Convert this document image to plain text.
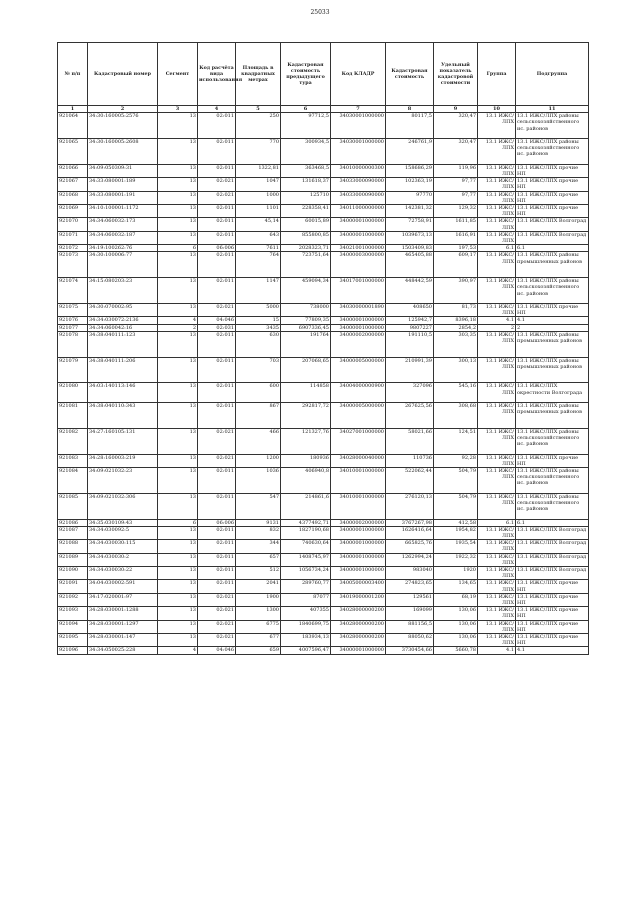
25033
№ п/п	Кадастровый номер	Сегмент	Код расчёта вида использования	Площадь в квадратных метрах	Кадастровая стоимость предыдущего тура	Код КЛАДР	Кадастровая стоимость	Удельный показатель кадастровой стоимости	Группа	Подгруппа
1	2	3	4	5	6	7	8	9	10	11
921064	34:30:160005:2576	13	02:011	250	97712,5	34030001000000	80117,5	320,47	13.1 ИЖС/ЛПХ	13.1 ИЖС/ЛПХ районы сельскохозяйственного ис. районов
921065	34:30:160005:2608	13	02:011	770	300934,5	34030001000000	246761,9	320,47	13.1 ИЖС/ЛПХ	13.1 ИЖС/ЛПХ районы сельскохозяйственного ис. районов
921066	34:09:050309:31	13	02:011	1322,81	363468,5	34010000000300	158686,29	119,96	13.1 ИЖС/ЛПХ	13.1 ИЖС/ЛПХ прочие НП
921067	34:33:080001:189	13	02:021	1047	131618,37	34033000090000	102363,19	97,77	13.1 ИЖС/ЛПХ	13.1 ИЖС/ЛПХ прочие НП
921068	34:33:080001:191	13	02:021	1000	125710	34033000090000	97770	97,77	13.1 ИЖС/ЛПХ	13.1 ИЖС/ЛПХ прочие НП
921069	34:10:100001:1172	13	02:011	1101	228358,41	34011000000000	142381,32	129,32	13.1 ИЖС/ЛПХ	13.1 ИЖС/ЛПХ прочие НП
921070	34:34:060032:173	13	02:011	45,14	60015,89	34000001000000	72758,91	1611,85	13.1 ИЖС/ЛПХ	13.1 ИЖС/ЛПХ Волгоград
921071	34:34:060032:187	13	02:011	643	855800,85	34000001000000	1039673,13	1616,91	13.1 ИЖС/ЛПХ	13.1 ИЖС/ЛПХ Волгоград
921072	34:19:100262:76	6	06:006	7611	2028323,71	34021001000000	1503409,83	197,53	6.1	6.1
921073	34:30:100006:77	13	02:011	764	723751,64	34000003000000	465405,88	609,17	13.1 ИЖС/ЛПХ	13.1 ИЖС/ЛПХ районы промышленных районов
921074	34:15:080203:23	13	02:011	1147	459094,34	34017001000000	448442,59	390,97	13.1 ИЖС/ЛПХ	13.1 ИЖС/ЛПХ районы сельскохозяйственного ис. районов
921075	34:30:070002:95	13	02:021	5000	738000	34030000001890	408650	81,73	13.1 ИЖС/ЛПХ	13.1 ИЖС/ЛПХ прочие НП
921076	34:34:030072:2136	4	04:046	15	77809,35	34000001000000	125942,7	8396,18	4.1	4.1
921077	34:34:060042:16	2	02:031	3435	6907336,45	34000001000000	9807227	2854,2	2	2
921078	34:38:040111:123	13	02:011	630	191764	34000002000000	191110,5	303,35	13.1 ИЖС/ЛПХ	13.1 ИЖС/ЛПХ районы промышленных районов
921079	34:38:040111:206	13	02:011	703	207068,65	34000005000000	210991,39	300,13	13.1 ИЖС/ЛПХ	13.1 ИЖС/ЛПХ районы промышленных районов
921080	34:03:140113:146	13	02:011	600	114858	34004000000900	327096	545,16	13.1 ИЖС/ЛПХ	13.1 ИЖС/ЛПХ окрестности Волгограда
921081	34:38:040110:343	13	02:011	867	292817,72	34000005000000	267625,56	308,68	13.1 ИЖС/ЛПХ	13.1 ИЖС/ЛПХ районы промышленных районов
921082	34:27:160105:131	13	02:021	466	121327,76	34027001000000	58021,66	124,51	13.1 ИЖС/ЛПХ	13.1 ИЖС/ЛПХ районы сельскохозяйственного ис. районов
921083	34:28:160003:219	13	02:021	1200	180936	34028000040000	110736	92,28	13.1 ИЖС/ЛПХ	13.1 ИЖС/ЛПХ прочие НП
921084	34:09:021032:23	13	02:011	1036	406940,8	34010001000000	522062,44	504,79	13.1 ИЖС/ЛПХ	13.1 ИЖС/ЛПХ районы сельскохозяйственного ис. районов
921085	34:09:021032:306	13	02:011	547	214861,6	34010001000000	276120,13	504,79	13.1 ИЖС/ЛПХ	13.1 ИЖС/ЛПХ районы сельскохозяйственного ис. районов
921086	34:35:030109:43	6	06:006	9131	4377492,71	34000002000000	3767267,98	412,58	6.1	6.1
921087	34:34:030092:5	13	02:011	832	1827190,68	34000001000000	1626416,64	1954,82	13.1 ИЖС/ЛПХ	13.1 ИЖС/ЛПХ Волгоград
921088	34:34:030030:115	13	02:011	344	740630,64	34000001000000	665825,76	1935,54	13.1 ИЖС/ЛПХ	13.1 ИЖС/ЛПХ Волгоград
921089	34:34:030030:2	13	02:011	657	1408745,97	34000001000000	1262994,24	1922,32	13.1 ИЖС/ЛПХ	13.1 ИЖС/ЛПХ Волгоград
921090	34:34:030030:22	13	02:011	512	1056734,24	34000001000000	983040	1920	13.1 ИЖС/ЛПХ	13.1 ИЖС/ЛПХ Волгоград
921091	34:04:030002:591	13	02:011	2041	289760,77	34005000003400	274823,65	134,65	13.1 ИЖС/ЛПХ	13.1 ИЖС/ЛПХ прочие НП
921092	34:17:020001:97	13	02:021	1900	87077	34019000001200	129561	68,19	13.1 ИЖС/ЛПХ	13.1 ИЖС/ЛПХ прочие НП
921093	34:28:030001:1288	13	02:021	1300	407355	34028000000200	169099	130,06	13.1 ИЖС/ЛПХ	13.1 ИЖС/ЛПХ прочие НП
921094	34:28:030001:1297	13	02:021	6775	1840699,75	34028000000200	881156,5	130,06	13.1 ИЖС/ЛПХ	13.1 ИЖС/ЛПХ прочие НП
921095	34:28:030001:147	13	02:021	677	183934,13	34028000000200	88050,62	130,06	13.1 ИЖС/ЛПХ	13.1 ИЖС/ЛПХ прочие НП
921096	34:34:050025:228	4	04:046	659	4007596,47	34000001000000	3730454,66	5660,78	4.1	4.1
